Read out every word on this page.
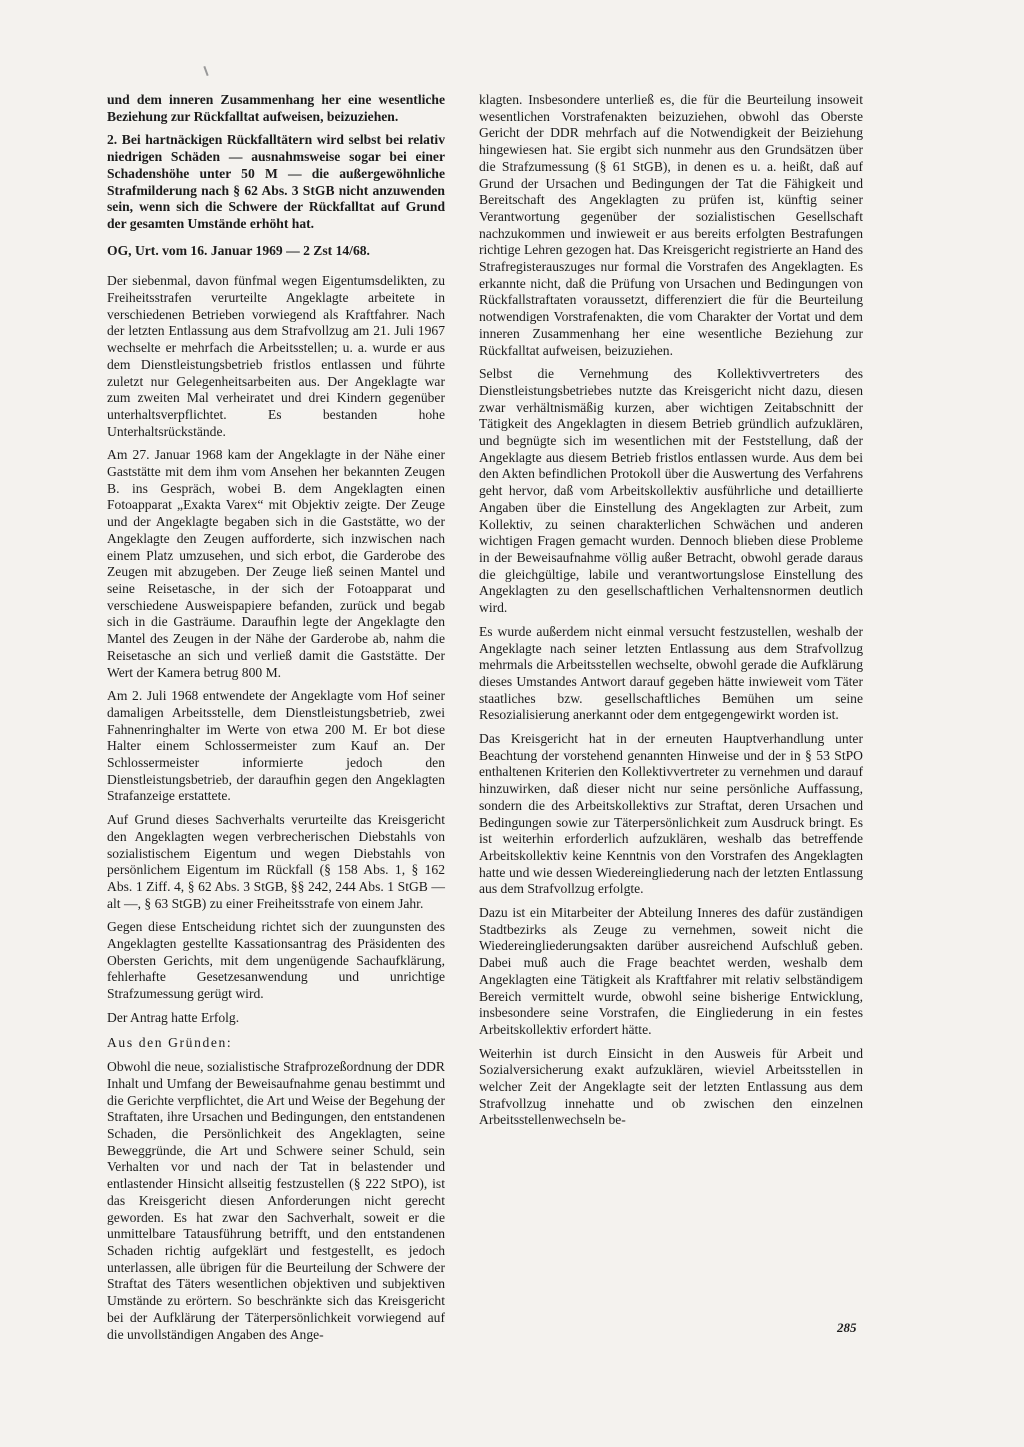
und dem inneren Zusammenhang her eine wesentliche Beziehung zur Rückfalltat aufweisen, beizuziehen.

2. Bei hartnäckigen Rückfalltätern wird selbst bei relativ niedrigen Schäden — ausnahmsweise sogar bei einer Schadenshöhe unter 50 M — die außergewöhnliche Strafmilderung nach § 62 Abs. 3 StGB nicht anzuwenden sein, wenn sich die Schwere der Rückfalltat auf Grund der gesamten Umstände erhöht hat.

OG, Urt. vom 16. Januar 1969 — 2 Zst 14/68.

Der siebenmal, davon fünfmal wegen Eigentumsdelikten, zu Freiheitsstrafen verurteilte Angeklagte arbeitete in verschiedenen Betrieben vorwiegend als Kraftfahrer. Nach der letzten Entlassung aus dem Strafvollzug am 21. Juli 1967 wechselte er mehrfach die Arbeitsstellen; u. a. wurde er aus dem Dienstleistungsbetrieb fristlos entlassen und führte zuletzt nur Gelegenheitsarbeiten aus. Der Angeklagte war zum zweiten Mal verheiratet und drei Kindern gegenüber unterhaltsverpflichtet. Es bestanden hohe Unterhaltsrückstände.

Am 27. Januar 1968 kam der Angeklagte in der Nähe einer Gaststätte mit dem ihm vom Ansehen her bekannten Zeugen B. ins Gespräch, wobei B. dem Angeklagten einen Fotoapparat „Exakta Varex“ mit Objektiv zeigte. Der Zeuge und der Angeklagte begaben sich in die Gaststätte, wo der Angeklagte den Zeugen aufforderte, sich inzwischen nach einem Platz umzusehen, und sich erbot, die Garderobe des Zeugen mit abzugeben. Der Zeuge ließ seinen Mantel und seine Reisetasche, in der sich der Fotoapparat und verschiedene Ausweispapiere befanden, zurück und begab sich in die Gasträume. Daraufhin legte der Angeklagte den Mantel des Zeugen in der Nähe der Garderobe ab, nahm die Reisetasche an sich und verließ damit die Gaststätte. Der Wert der Kamera betrug 800 M.

Am 2. Juli 1968 entwendete der Angeklagte vom Hof seiner damaligen Arbeitsstelle, dem Dienstleistungsbetrieb, zwei Fahnenringhalter im Werte von etwa 200 M. Er bot diese Halter einem Schlossermeister zum Kauf an. Der Schlossermeister informierte jedoch den Dienstleistungsbetrieb, der daraufhin gegen den Angeklagten Strafanzeige erstattete.

Auf Grund dieses Sachverhalts verurteilte das Kreisgericht den Angeklagten wegen verbrecherischen Diebstahls von sozialistischem Eigentum und wegen Diebstahls von persönlichem Eigentum im Rückfall (§ 158 Abs. 1, § 162 Abs. 1 Ziff. 4, § 62 Abs. 3 StGB, §§ 242, 244 Abs. 1 StGB — alt —, § 63 StGB) zu einer Freiheitsstrafe von einem Jahr.

Gegen diese Entscheidung richtet sich der zuungunsten des Angeklagten gestellte Kassationsantrag des Präsidenten des Obersten Gerichts, mit dem ungenügende Sachaufklärung, fehlerhafte Gesetzesanwendung und unrichtige Strafzumessung gerügt wird.

Der Antrag hatte Erfolg.

Aus den Gründen:

Obwohl die neue, sozialistische Strafprozeßordnung der DDR Inhalt und Umfang der Beweisaufnahme genau bestimmt und die Gerichte verpflichtet, die Art und Weise der Begehung der Straftaten, ihre Ursachen und Bedingungen, den entstandenen Schaden, die Persönlichkeit des Angeklagten, seine Beweggründe, die Art und Schwere seiner Schuld, sein Verhalten vor und nach der Tat in belastender und entlastender Hinsicht allseitig festzustellen (§ 222 StPO), ist das Kreisgericht diesen Anforderungen nicht gerecht geworden. Es hat zwar den Sachverhalt, soweit er die unmittelbare Tatausführung betrifft, und den entstandenen Schaden richtig aufgeklärt und festgestellt, es jedoch unterlassen, alle übrigen für die Beurteilung der Schwere der Straftat des Täters wesentlichen objektiven und subjektiven Umstände zu erörtern. So beschränkte sich das Kreisgericht bei der Aufklärung der Täterpersönlichkeit vorwiegend auf die unvollständigen Angaben des Ange-

klagten. Insbesondere unterließ es, die für die Beurteilung insoweit wesentlichen Vorstrafenakten beizuziehen, obwohl das Oberste Gericht der DDR mehrfach auf die Notwendigkeit der Beiziehung hingewiesen hat. Sie ergibt sich nunmehr aus den Grundsätzen über die Strafzumessung (§ 61 StGB), in denen es u. a. heißt, daß auf Grund der Ursachen und Bedingungen der Tat die Fähigkeit und Bereitschaft des Angeklagten zu prüfen ist, künftig seiner Verantwortung gegenüber der sozialistischen Gesellschaft nachzukommen und inwieweit er aus bereits erfolgten Bestrafungen richtige Lehren gezogen hat. Das Kreisgericht registrierte an Hand des Strafregisterauszuges nur formal die Vorstrafen des Angeklagten. Es erkannte nicht, daß die Prüfung von Ursachen und Bedingungen von Rückfallstraftaten voraussetzt, differenziert die für die Beurteilung notwendigen Vorstrafenakten, die vom Charakter der Vortat und dem inneren Zusammenhang her eine wesentliche Beziehung zur Rückfalltat aufweisen, beizuziehen.

Selbst die Vernehmung des Kollektivvertreters des Dienstleistungsbetriebes nutzte das Kreisgericht nicht dazu, diesen zwar verhältnismäßig kurzen, aber wichtigen Zeitabschnitt der Tätigkeit des Angeklagten in diesem Betrieb gründlich aufzuklären, und begnügte sich im wesentlichen mit der Feststellung, daß der Angeklagte aus diesem Betrieb fristlos entlassen wurde. Aus dem bei den Akten befindlichen Protokoll über die Auswertung des Verfahrens geht hervor, daß vom Arbeitskollektiv ausführliche und detaillierte Angaben über die Einstellung des Angeklagten zur Arbeit, zum Kollektiv, zu seinen charakterlichen Schwächen und anderen wichtigen Fragen gemacht wurden. Dennoch blieben diese Probleme in der Beweisaufnahme völlig außer Betracht, obwohl gerade daraus die gleichgültige, labile und verantwortungslose Einstellung des Angeklagten zu den gesellschaftlichen Verhaltensnormen deutlich wird.

Es wurde außerdem nicht einmal versucht festzustellen, weshalb der Angeklagte nach seiner letzten Entlassung aus dem Strafvollzug mehrmals die Arbeitsstellen wechselte, obwohl gerade die Aufklärung dieses Umstandes Antwort darauf gegeben hätte inwieweit vom Täter staatliches bzw. gesellschaftliches Bemühen um seine Resozialisierung anerkannt oder dem entgegengewirkt worden ist.

Das Kreisgericht hat in der erneuten Hauptverhandlung unter Beachtung der vorstehend genannten Hinweise und der in § 53 StPO enthaltenen Kriterien den Kollektivvertreter zu vernehmen und darauf hinzuwirken, daß dieser nicht nur seine persönliche Auffassung, sondern die des Arbeitskollektivs zur Straftat, deren Ursachen und Bedingungen sowie zur Täterpersönlichkeit zum Ausdruck bringt. Es ist weiterhin erforderlich aufzuklären, weshalb das betreffende Arbeitskollektiv keine Kenntnis von den Vorstrafen des Angeklagten hatte und wie dessen Wiedereingliederung nach der letzten Entlassung aus dem Strafvollzug erfolgte.

Dazu ist ein Mitarbeiter der Abteilung Inneres des dafür zuständigen Stadtbezirks als Zeuge zu vernehmen, soweit nicht die Wiedereingliederungsakten darüber ausreichend Aufschluß geben. Dabei muß auch die Frage beachtet werden, weshalb dem Angeklagten eine Tätigkeit als Kraftfahrer mit relativ selbständigem Bereich vermittelt wurde, obwohl seine bisherige Entwicklung, insbesondere seine Vorstrafen, die Eingliederung in ein festes Arbeitskollektiv erfordert hätte.

Weiterhin ist durch Einsicht in den Ausweis für Arbeit und Sozialversicherung exakt aufzuklären, wieviel Arbeitsstellen in welcher Zeit der Angeklagte seit der letzten Entlassung aus dem Strafvollzug innehatte und ob zwischen den einzelnen Arbeitsstellenwechseln be-

285
